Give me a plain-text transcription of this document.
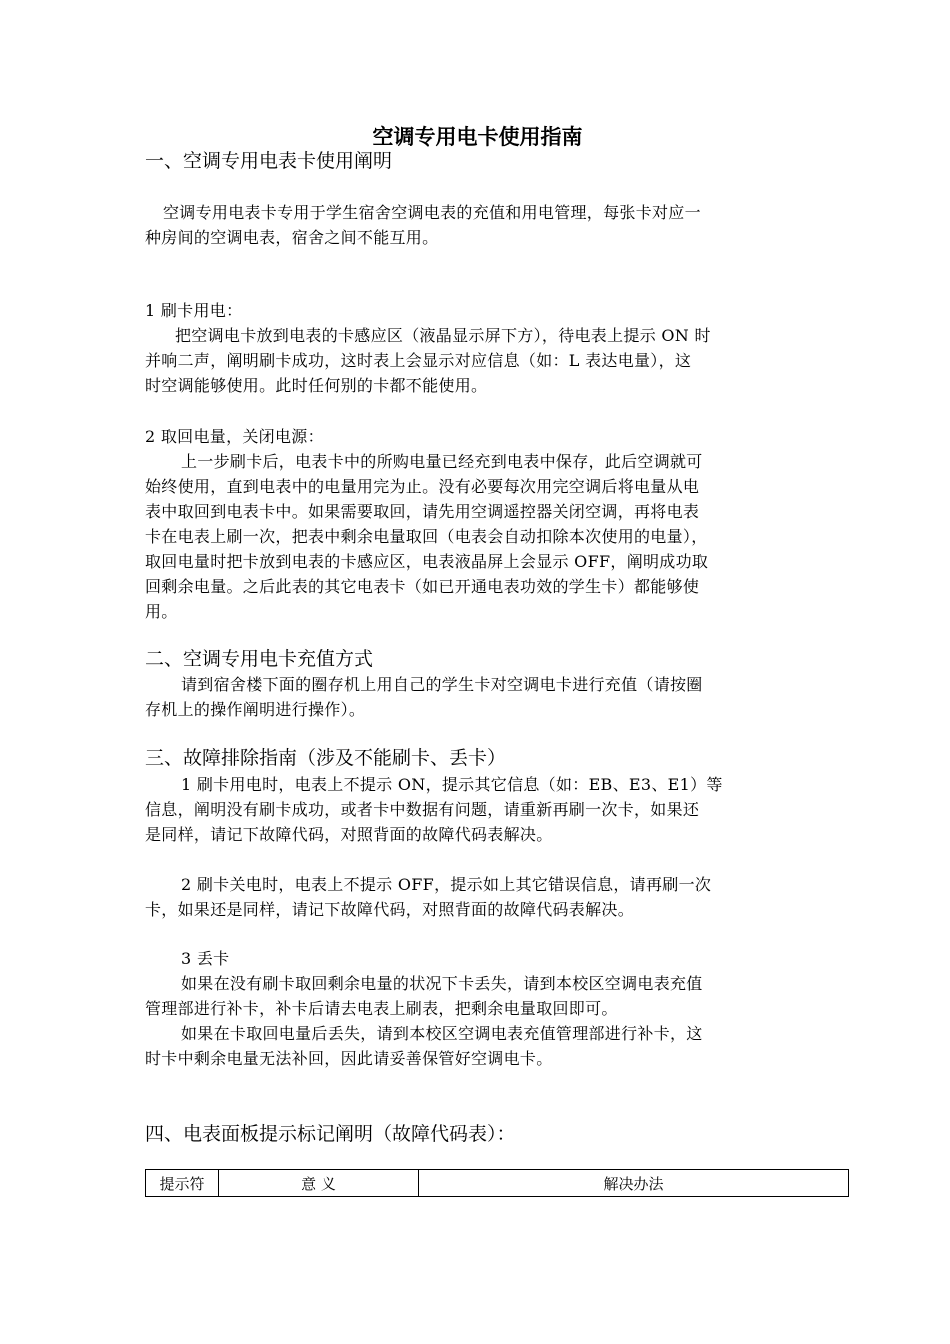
空调专用电卡使用指南
一、空调专用电表卡使用阐明
空调专用电表卡专用于学生宿舍空调电表的充值和用电管理，每张卡对应一
种房间的空调电表，宿舍之间不能互用。
1 刷卡用电：
把空调电卡放到电表的卡感应区（液晶显示屏下方），待电表上提示 ON 时
并响二声，阐明刷卡成功，这时表上会显示对应信息（如：L 表达电量），这
时空调能够使用。此时任何别的卡都不能使用。
2 取回电量，关闭电源：
上一步刷卡后，电表卡中的所购电量已经充到电表中保存，此后空调就可
始终使用，直到电表中的电量用完为止。没有必要每次用完空调后将电量从电
表中取回到电表卡中。如果需要取回，请先用空调遥控器关闭空调，再将电表
卡在电表上刷一次，把表中剩余电量取回（电表会自动扣除本次使用的电量），
取回电量时把卡放到电表的卡感应区，电表液晶屏上会显示 OFF，阐明成功取
回剩余电量。之后此表的其它电表卡（如已开通电表功效的学生卡）都能够使
用。
二、空调专用电卡充值方式
请到宿舍楼下面的圈存机上用自己的学生卡对空调电卡进行充值（请按圈
存机上的操作阐明进行操作）。
三、故障排除指南（涉及不能刷卡、丢卡）
1 刷卡用电时，电表上不提示 ON，提示其它信息（如：EB、E3、E1）等
信息，阐明没有刷卡成功，或者卡中数据有问题，请重新再刷一次卡，如果还
是同样，请记下故障代码，对照背面的故障代码表解决。
2 刷卡关电时，电表上不提示 OFF，提示如上其它错误信息，请再刷一次
卡，如果还是同样，请记下故障代码，对照背面的故障代码表解决。
3 丢卡
如果在没有刷卡取回剩余电量的状况下卡丢失，请到本校区空调电表充值
管理部进行补卡，补卡后请去电表上刷表，把剩余电量取回即可。
如果在卡取回电量后丢失，请到本校区空调电表充值管理部进行补卡，这
时卡中剩余电量无法补回，因此请妥善保管好空调电卡。
四、电表面板提示标记阐明（故障代码表）：
提示符	意 义	解决办法
